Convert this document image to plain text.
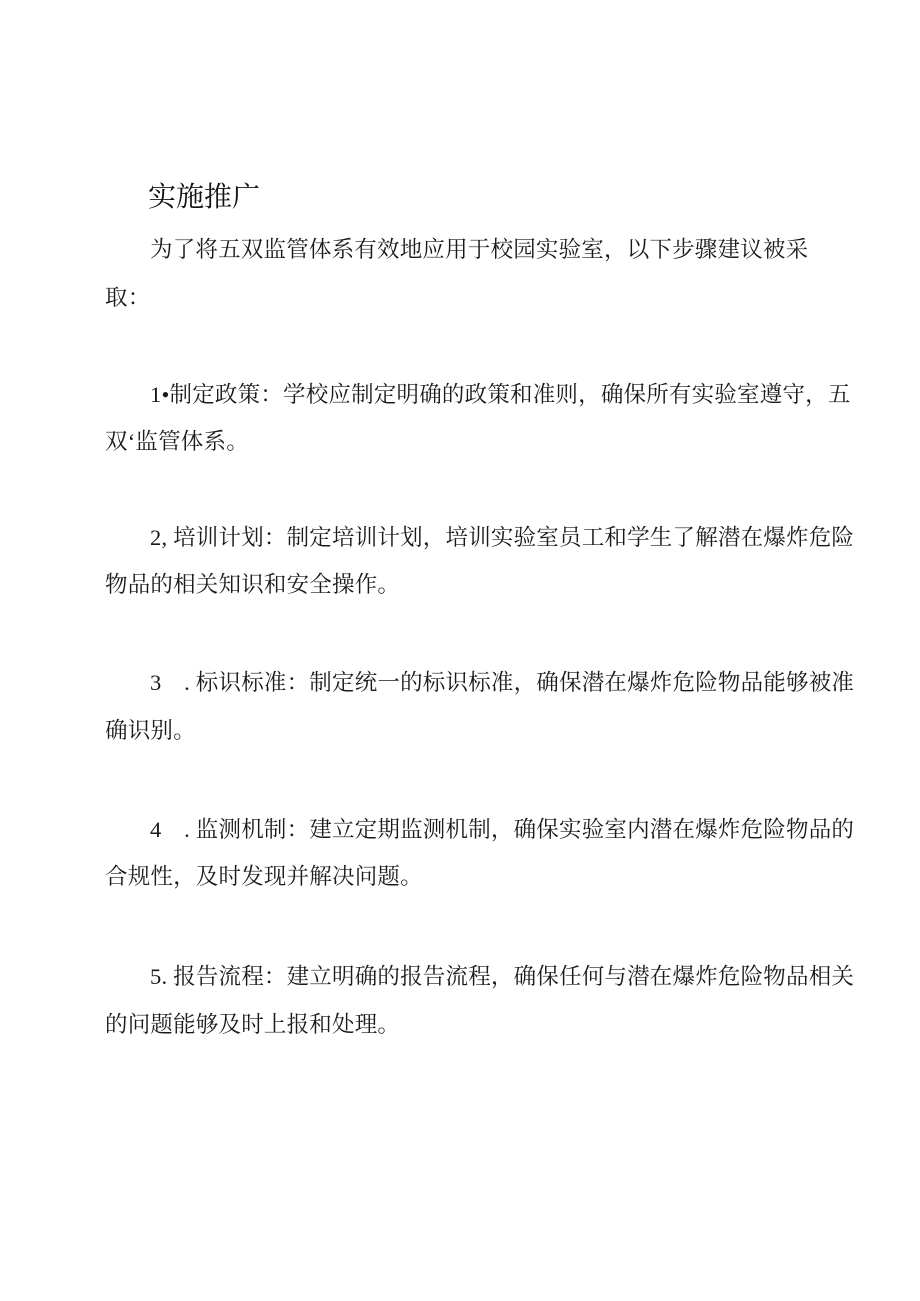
实施推广
为了将五双监管体系有效地应用于校园实验室，以下步骤建议被采
取：
1•制定政策：学校应制定明确的政策和准则，确保所有实验室遵守，五
双‘监管体系。
2, 培训计划：制定培训计划，培训实验室员工和学生了解潜在爆炸危险
物品的相关知识和安全操作。
3　. 标识标准：制定统一的标识标准，确保潜在爆炸危险物品能够被准
确识别。
4　. 监测机制：建立定期监测机制，确保实验室内潜在爆炸危险物品的
合规性，及时发现并解决问题。
5. 报告流程：建立明确的报告流程，确保任何与潜在爆炸危险物品相关
的问题能够及时上报和处理。
